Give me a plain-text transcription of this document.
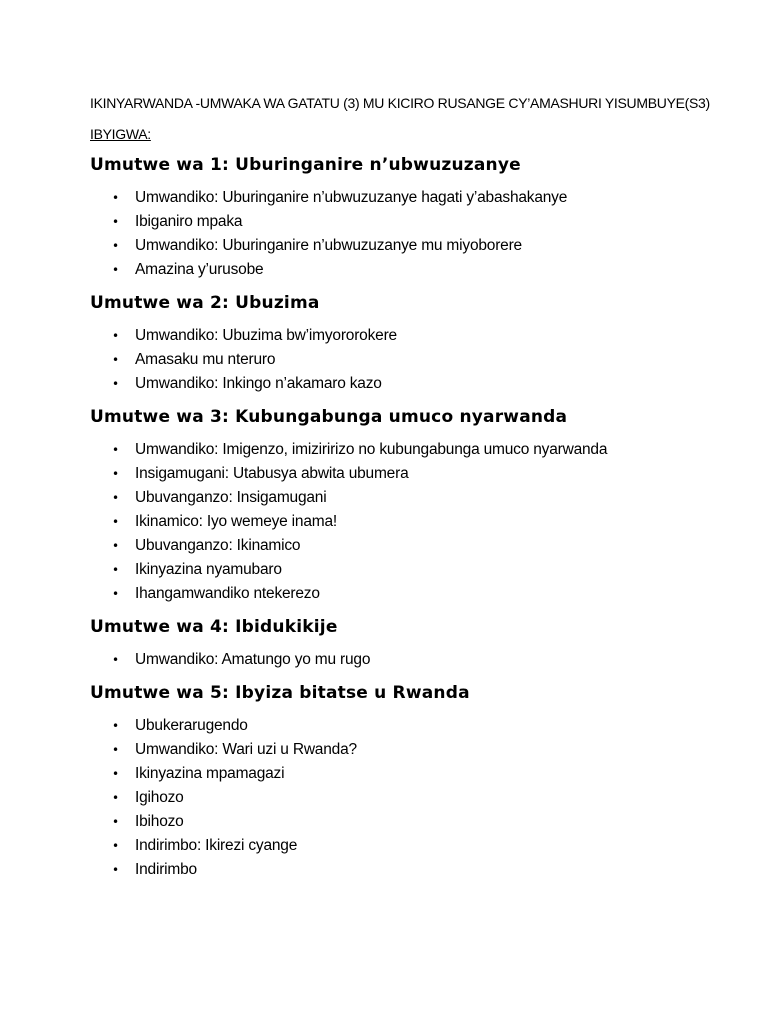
IKINYARWANDA -UMWAKA WA GATATU (3) MU KICIRO RUSANGE CY’AMASHURI YISUMBUYE(S3)

IBYIGWA:

Umutwe wa 1: Uburinganire n’ubwuzuzanye
• Umwandiko: Uburinganire n’ubwuzuzanye hagati y’abashakanye
• Ibiganiro mpaka
• Umwandiko: Uburinganire n’ubwuzuzanye mu miyoborere
• Amazina y’urusobe
Umutwe wa 2: Ubuzima
• Umwandiko: Ubuzima bw’imyororokere
• Amasaku mu nteruro
• Umwandiko: Inkingo n’akamaro kazo
Umutwe wa 3: Kubungabunga umuco nyarwanda
• Umwandiko: Imigenzo, imiziririzo no kubungabunga umuco nyarwanda
• Insigamugani: Utabusya abwita ubumera
• Ubuvanganzo: Insigamugani
• Ikinamico: Iyo wemeye inama!
• Ubuvanganzo: Ikinamico
• Ikinyazina nyamubaro
• Ihangamwandiko ntekerezo
Umutwe wa 4: Ibidukikije
• Umwandiko: Amatungo yo mu rugo
Umutwe wa 5: Ibyiza bitatse u Rwanda
• Ubukerarugendo
• Umwandiko: Wari uzi u Rwanda?
• Ikinyazina mpamagazi
• Igihozo
• Ibihozo
• Indirimbo: Ikirezi cyange
• Indirimbo
